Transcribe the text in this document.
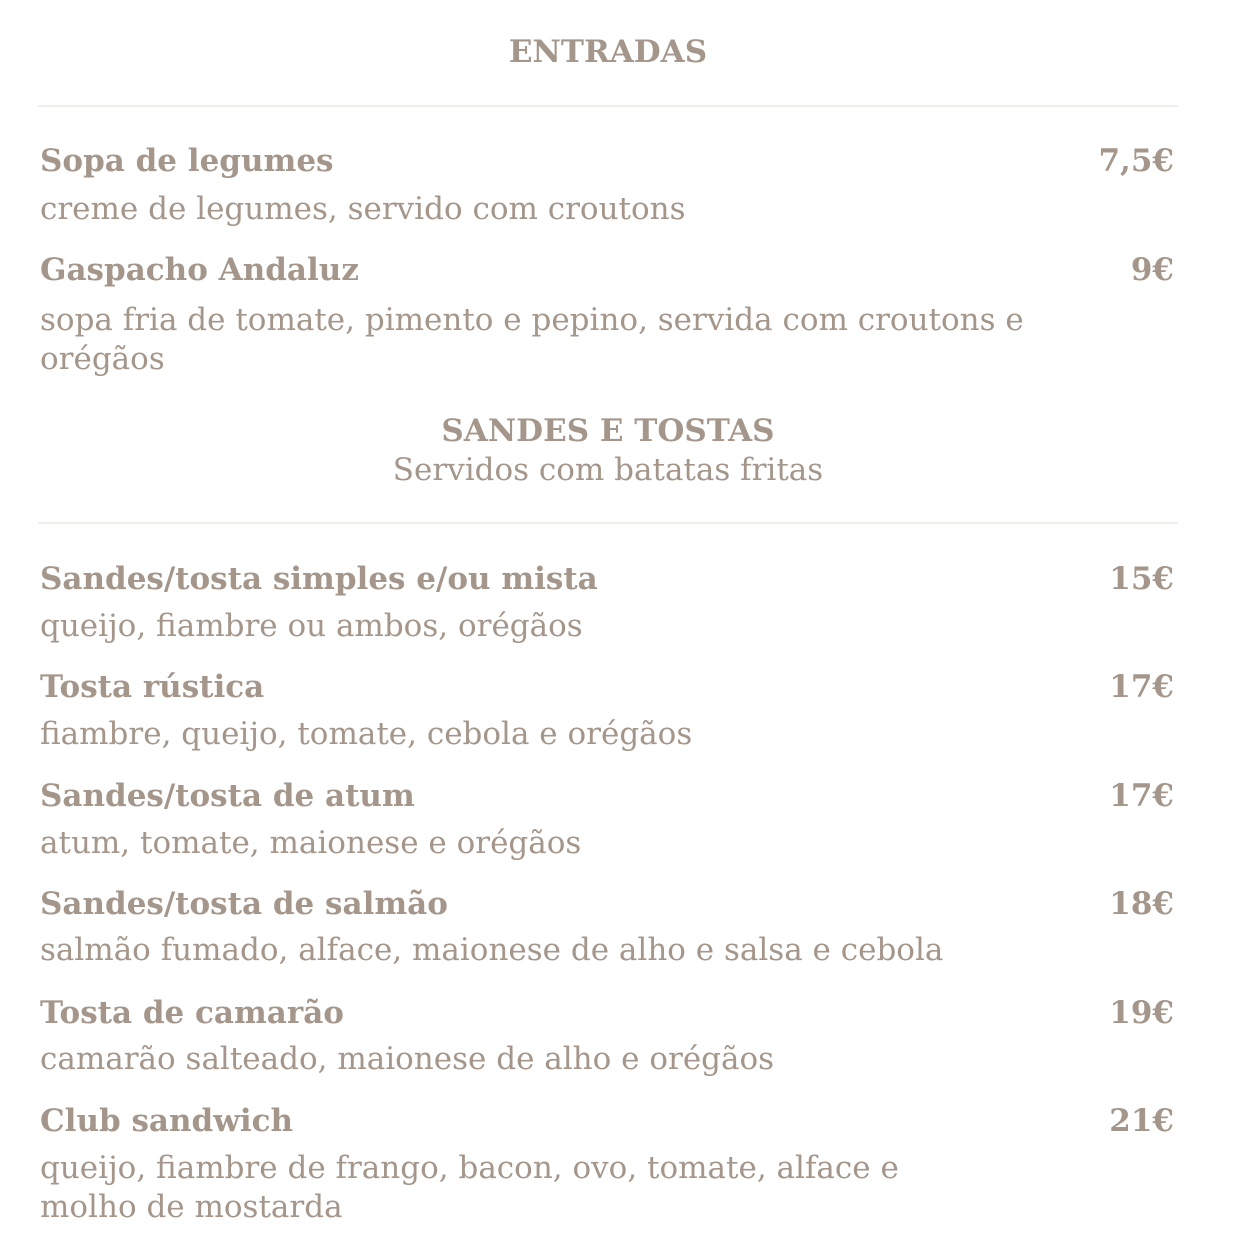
ENTRADAS
Sopa de legumes	7,5€
creme de legumes, servido com croutons
Gaspacho Andaluz	9€
sopa fria de tomate, pimento e pepino, servida com croutons e orégãos
SANDES E TOSTAS
Servidos com batatas fritas
Sandes/tosta simples e/ou mista	15€
queijo, fiambre ou ambos, orégãos
Tosta rústica	17€
fiambre, queijo, tomate, cebola e orégãos
Sandes/tosta de atum	17€
atum, tomate, maionese e orégãos
Sandes/tosta de salmão	18€
salmão fumado, alface, maionese de alho e salsa e cebola
Tosta de camarão	19€
camarão salteado, maionese de alho e orégãos
Club sandwich	21€
queijo, fiambre de frango, bacon, ovo, tomate, alface e molho de mostarda
